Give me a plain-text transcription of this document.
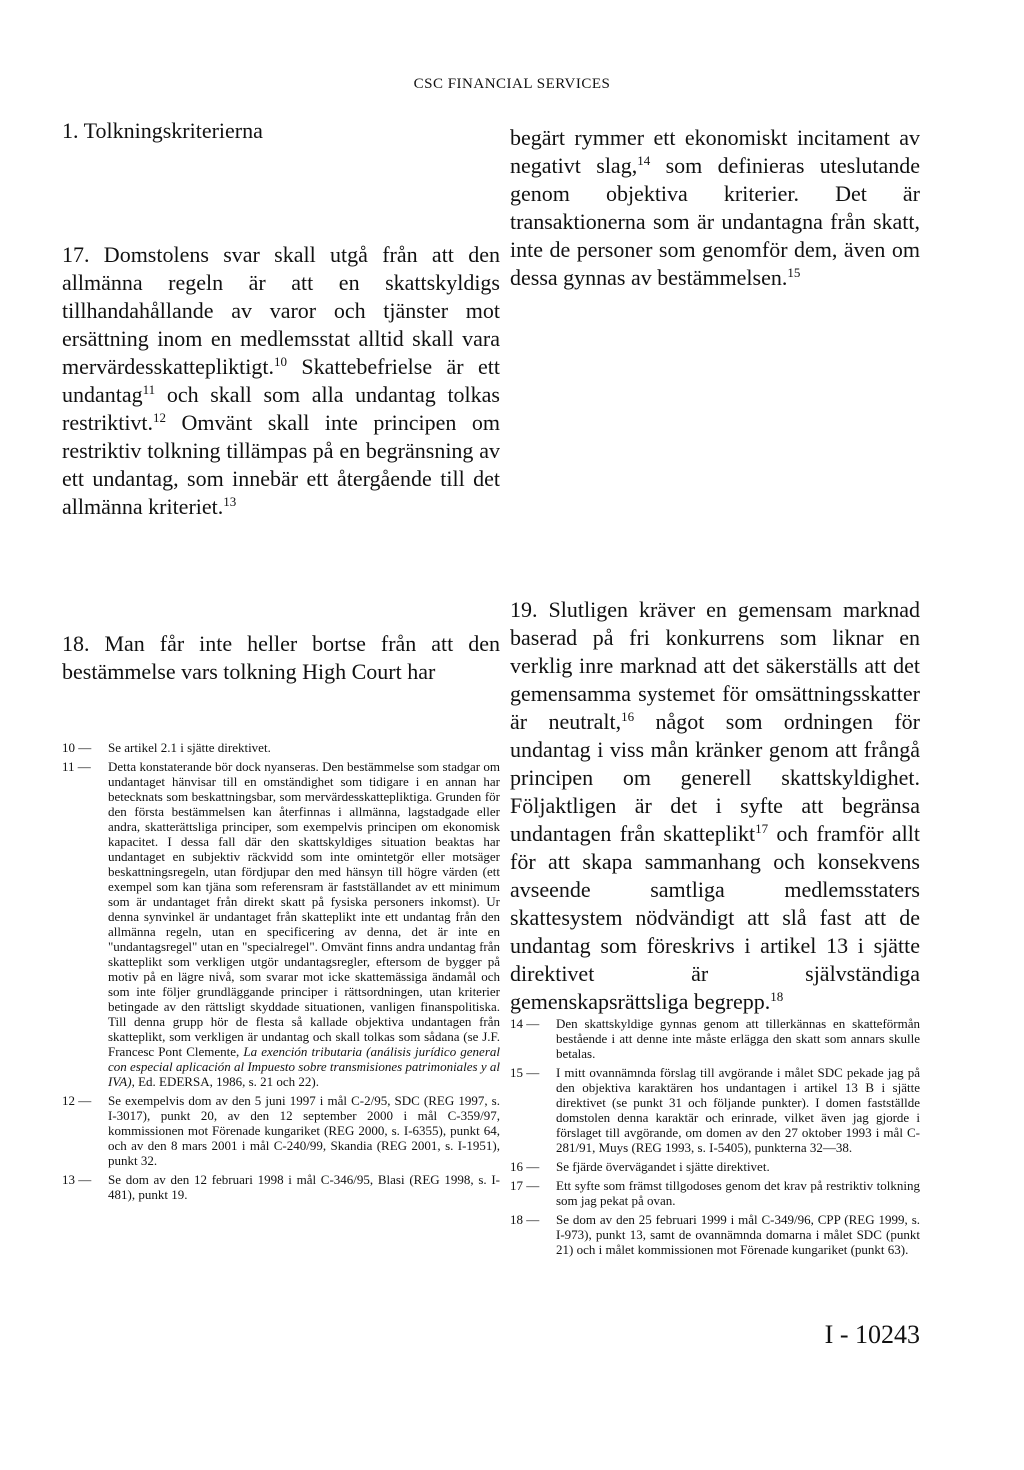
CSC FINANCIAL SERVICES
1. Tolkningskriterierna

17. Domstolens svar skall utgå från att den allmänna regeln är att en skattskyldigs tillhandahållande av varor och tjänster mot ersättning inom en medlemsstat alltid skall vara mervärdesskattepliktigt.$^{10}$ Skattebefrielse är ett undantag$^{11}$ och skall som alla undantag tolkas restriktivt.$^{12}$ Omvänt skall inte principen om restriktiv tolkning tillämpas på en begränsning av ett undantag, som innebär ett återgående till det allmänna kriteriet.$^{13}$

18. Man får inte heller bortse från att den bestämmelse vars tolkning High Court har

10 —	Se artikel 2.1 i sjätte direktivet.
11 —	Detta konstaterande bör dock nyanseras. Den bestämmelse som stadgar om undantaget hänvisar till en omständighet som tidigare i en annan har betecknats som beskattningsbar, som mervärdesskattepliktiga. Grunden för den första bestämmelsen kan återfinnas i allmänna, lagstadgade eller andra, skatterättsliga principer, som exempelvis principen om ekonomisk kapacitet. I dessa fall där den skattskyldiges situation beaktas har undantaget en subjektiv räckvidd som inte omintetgör eller motsäger beskattningsregeln, utan fördjupar den med hänsyn till högre värden (ett exempel som kan tjäna som referensram är fastställandet av ett minimum som är undantaget från direkt skatt på fysiska personers inkomst). Ur denna synvinkel är undantaget från skatteplikt inte ett undantag från den allmänna regeln, utan en specificering av denna, det är inte en "undantagsregel" utan en "specialregel". Omvänt finns andra undantag från skatteplikt som verkligen utgör undantagsregler, eftersom de bygger på motiv på en lägre nivå, som svarar mot icke skattemässiga ändamål och som inte följer grundläggande principer i rättsordningen, utan kriterier betingade av den rättsligt skyddade situationen, vanligen finanspolitiska. Till denna grupp hör de flesta så kallade objektiva undantagen från skatteplikt, som verkligen är undantag och skall tolkas som sådana (se J.F. Francesc Pont Clemente, La exención tributaria (análisis jurídico general con especial aplicación al Impuesto sobre transmisiones patrimoniales y al IVA), Ed. EDERSA, 1986, s. 21 och 22).
12 —	Se exempelvis dom av den 5 juni 1997 i mål C-2/95, SDC (REG 1997, s. I-3017), punkt 20, av den 12 september 2000 i mål C-359/97, kommissionen mot Förenade kungariket (REG 2000, s. I-6355), punkt 64, och av den 8 mars 2001 i mål C-240/99, Skandia (REG 2001, s. I-1951), punkt 32.
13 —	Se dom av den 12 februari 1998 i mål C-346/95, Blasi (REG 1998, s. I-481), punkt 19.

begärt rymmer ett ekonomiskt incitament av negativt slag,$^{14}$ som definieras uteslutande genom objektiva kriterier. Det är transaktionerna som är undantagna från skatt, inte de personer som genomför dem, även om dessa gynnas av bestämmelsen.$^{15}$

19. Slutligen kräver en gemensam marknad baserad på fri konkurrens som liknar en verklig inre marknad att det säkerställs att det gemensamma systemet för omsättningsskatter är neutralt,$^{16}$ något som ordningen för undantag i viss mån kränker genom att frångå principen om generell skattskyldighet. Följaktligen är det i syfte att begränsa undantagen från skatteplikt$^{17}$ och framför allt för att skapa sammanhang och konsekvens avseende samtliga medlemsstaters skattesystem nödvändigt att slå fast att de undantag som föreskrivs i artikel 13 i sjätte direktivet är självständiga gemenskapsrättsliga begrepp.$^{18}$

14 —	Den skattskyldige gynnas genom att tillerkännas en skatteförmån bestående i att denne inte måste erlägga den skatt som annars skulle betalas.
15 —	I mitt ovannämnda förslag till avgörande i målet SDC pekade jag på den objektiva karaktären hos undantagen i artikel 13 B i sjätte direktivet (se punkt 31 och följande punkter). I domen fastställde domstolen denna karaktär och erinrade, vilket även jag gjorde i förslaget till avgörande, om domen av den 27 oktober 1993 i mål C-281/91, Muys (REG 1993, s. I-5405), punkterna 32—38.
16 —	Se fjärde övervägandet i sjätte direktivet.
17 —	Ett syfte som främst tillgodoses genom det krav på restriktiv tolkning som jag pekat på ovan.
18 —	Se dom av den 25 februari 1999 i mål C-349/96, CPP (REG 1999, s. I-973), punkt 13, samt de ovannämnda domarna i målet SDC (punkt 21) och i målet kommissionen mot Förenade kungariket (punkt 63).
I - 10243
